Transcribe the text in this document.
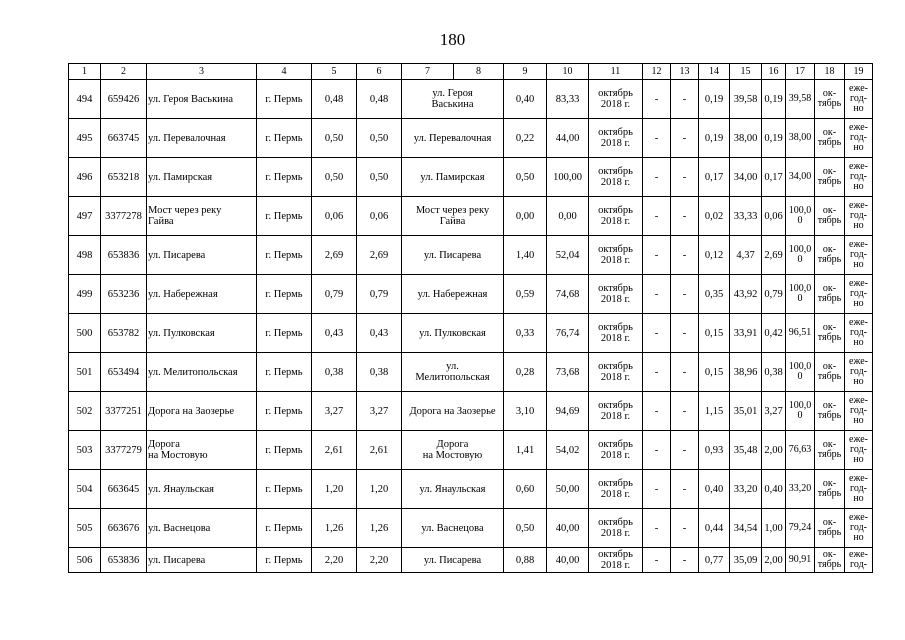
180
1	2	3	4	5	6	7	8	9	10	11	12	13	14	15	16	17	18	19

494	659426	ул. Героя Васькина	г. Пермь	0,48	0,48	ул. Героя
Васькина		0,40	83,33	октябрь
2018 г.	-	-	0,19	39,58	0,19	39,58	ок-
тябрь	еже-
год-
но

495	663745	ул. Перевалочная	г. Пермь	0,50	0,50	ул. Перевалочная		0,22	44,00	октябрь
2018 г.	-	-	0,19	38,00	0,19	38,00	ок-
тябрь	еже-
год-
но

496	653218	ул. Памирская	г. Пермь	0,50	0,50	ул. Памирская		0,50	100,00	октябрь
2018 г.	-	-	0,17	34,00	0,17	34,00	ок-
тябрь	еже-
год-
но

497	3377278	Мост через реку
Гайва	г. Пермь	0,06	0,06	Мост через реку
Гайва		0,00	0,00	октябрь
2018 г.	-	-	0,02	33,33	0,06	100,0
0	ок-
тябрь	еже-
год-
но

498	653836	ул. Писарева	г. Пермь	2,69	2,69	ул. Писарева		1,40	52,04	октябрь
2018 г.	-	-	0,12	4,37	2,69	100,0
0	ок-
тябрь	еже-
год-
но

499	653236	ул. Набережная	г. Пермь	0,79	0,79	ул. Набережная		0,59	74,68	октябрь
2018 г.	-	-	0,35	43,92	0,79	100,0
0	ок-
тябрь	еже-
год-
но

500	653782	ул. Пулковская	г. Пермь	0,43	0,43	ул. Пулковская		0,33	76,74	октябрь
2018 г.	-	-	0,15	33,91	0,42	96,51	ок-
тябрь	еже-
год-
но

501	653494	ул. Мелитопольская	г. Пермь	0,38	0,38	ул.
Мелитопольская		0,28	73,68	октябрь
2018 г.	-	-	0,15	38,96	0,38	100,0
0	ок-
тябрь	еже-
год-
но

502	3377251	Дорога на Заозерье	г. Пермь	3,27	3,27	Дорога на Заозерье		3,10	94,69	октябрь
2018 г.	-	-	1,15	35,01	3,27	100,0
0	ок-
тябрь	еже-
год-
но

503	3377279	Дорога
на Мостовую	г. Пермь	2,61	2,61	Дорога
на Мостовую		1,41	54,02	октябрь
2018 г.	-	-	0,93	35,48	2,00	76,63	ок-
тябрь	еже-
год-
но

504	663645	ул. Янаульская	г. Пермь	1,20	1,20	ул. Янаульская		0,60	50,00	октябрь
2018 г.	-	-	0,40	33,20	0,40	33,20	ок-
тябрь	еже-
год-
но

505	663676	ул. Васнецова	г. Пермь	1,26	1,26	ул. Васнецова		0,50	40,00	октябрь
2018 г.	-	-	0,44	34,54	1,00	79,24	ок-
тябрь	еже-
год-
но

506	653836	ул. Писарева	г. Пермь	2,20	2,20	ул. Писарева		0,88	40,00	октябрь
2018 г.	-	-	0,77	35,09	2,00	90,91	ок-
тябрь	еже-
год-
